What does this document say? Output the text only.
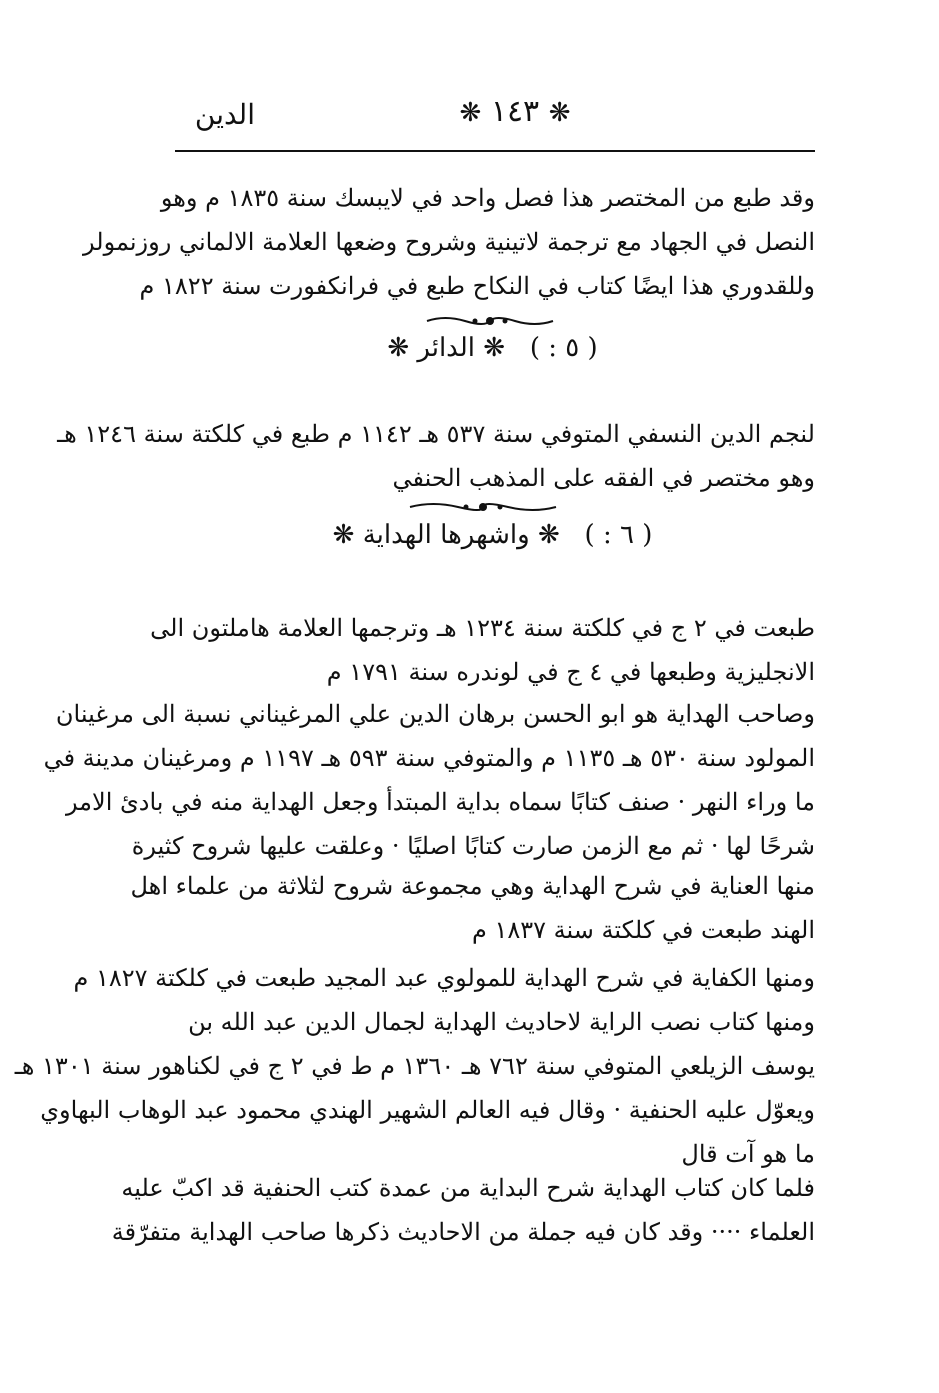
الدين	❋ ١٤٣ ❋
وقد طبع من المختصر هذا فصل واحد في لايبسك سنة ١٨٣٥ م وهو
النصل في الجهاد مع ترجمة لاتينية وشروح وضعها العلامة الالماني روزنمولر
وللقدوري هذا ايضًا كتاب في النكاح طبع في فرانكفورت سنة ١٨٢٢ م
( ٥ : )   ❋ الدائر ❋
لنجم الدين النسفي المتوفي سنة ٥٣٧ هـ ١١٤٢ م طبع في كلكتة سنة ١٢٤٦ هـ
وهو مختصر في الفقه على المذهب الحنفي
( ٦ : )   ❋ واشهرها الهداية ❋
طبعت في ٢ ج في كلكتة سنة ١٢٣٤ هـ وترجمها العلامة هاملتون الى
الانجليزية وطبعها في ٤ ج في لوندره سنة ١٧٩١ م
وصاحب الهداية هو ابو الحسن برهان الدين علي المرغيناني نسبة الى مرغينان
المولود سنة ٥٣٠ هـ ١١٣٥ م والمتوفي سنة ٥٩٣ هـ ١١٩٧ م ومرغينان مدينة في
ما وراء النهر · صنف كتابًا سماه بداية المبتدأ وجعل الهداية منه في بادئ الامر
شرحًا لها · ثم مع الزمن صارت كتابًا اصليًا · وعلقت عليها شروح كثيرة
منها العناية في شرح الهداية وهي مجموعة شروح لثلاثة من علماء اهل
الهند طبعت في كلكتة سنة ١٨٣٧ م
ومنها الكفاية في شرح الهداية للمولوي عبد المجيد طبعت في كلكتة ١٨٢٧ م
ومنها كتاب نصب الراية لاحاديث الهداية لجمال الدين عبد الله بن
يوسف الزيلعي المتوفي سنة ٧٦٢ هـ ١٣٦٠ م ط في ٢ ج في لكناهور سنة ١٣٠١ هـ
ويعوّل عليه الحنفية · وقال فيه العالم الشهير الهندي محمود عبد الوهاب البهاوي
ما هو آت قال
فلما كان كتاب الهداية شرح البداية من عمدة كتب الحنفية قد اكبّ عليه
العلماء ···· وقد كان فيه جملة من الاحاديث ذكرها صاحب الهداية متفرّقة
